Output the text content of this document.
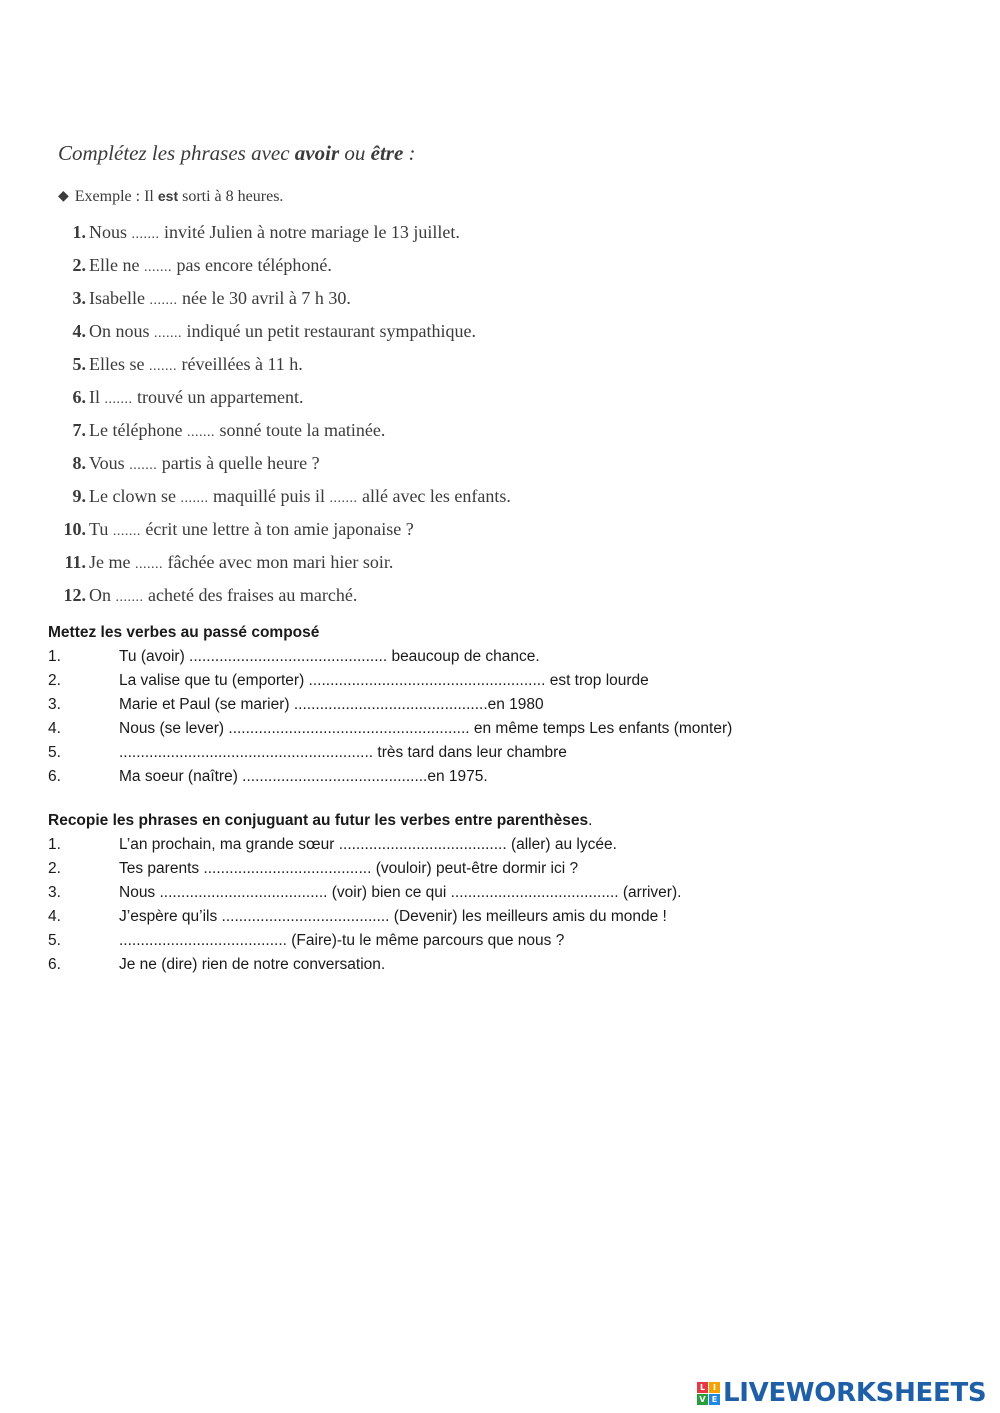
Complétez les phrases avec avoir ou être :
◆ Exemple : Il est sorti à 8 heures.
1. Nous ....... invité Julien à notre mariage le 13 juillet.
2. Elle ne ....... pas encore téléphoné.
3. Isabelle ....... née le 30 avril à 7 h 30.
4. On nous ....... indiqué un petit restaurant sympathique.
5. Elles se ....... réveillées à 11 h.
6. Il ....... trouvé un appartement.
7. Le téléphone ....... sonné toute la matinée.
8. Vous ....... partis à quelle heure ?
9. Le clown se ....... maquillé puis il ....... allé avec les enfants.
10. Tu ....... écrit une lettre à ton amie japonaise ?
11. Je me ....... fâchée avec mon mari hier soir.
12. On ....... acheté des fraises au marché.
Mettez les verbes au passé composé
1.	Tu (avoir) .............................................. beaucoup de chance.
2.	La valise que tu (emporter) ....................................................... est trop lourde
3.	Marie et Paul (se marier) .............................................en 1980
4.	Nous (se lever) ........................................................ en même temps Les enfants (monter)
5.	........................................................... très tard dans leur chambre
6.	Ma soeur (naître) ...........................................en 1975.
Recopie les phrases en conjuguant au futur les verbes entre parenthèses.
1.	L’an prochain, ma grande sœur ....................................... (aller) au lycée.
2.	Tes parents ....................................... (vouloir) peut-être dormir ici ?
3.	Nous ....................................... (voir) bien ce qui ....................................... (arriver).
4.	J’espère qu’ils ....................................... (Devenir) les meilleurs amis du monde !
5.	....................................... (Faire)-tu le même parcours que nous ?
6.	Je ne (dire) rien de notre conversation.
L I
V E LIVEWORKSHEETS
